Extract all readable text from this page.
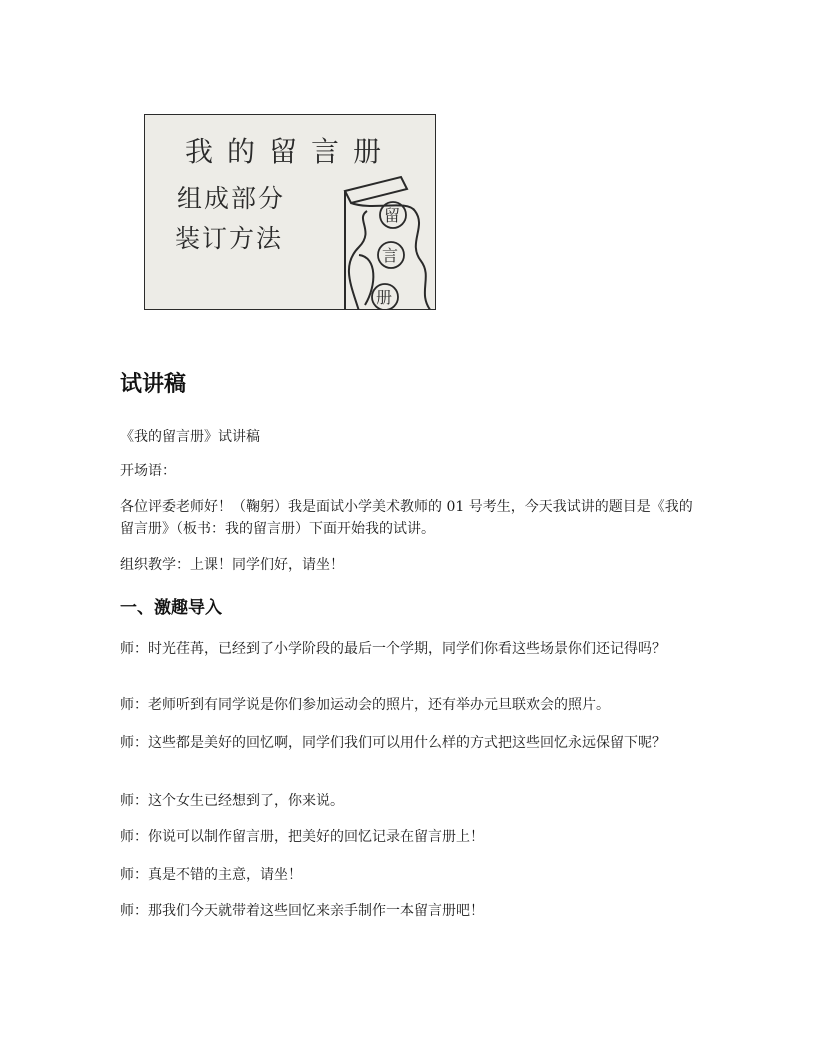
我的留言册
组成部分
装订方法
留
言
册
试讲稿

《我的留言册》试讲稿

开场语：

各位评委老师好！（鞠躬）我是面试小学美术教师的 01 号考生，今天我试讲的题目是《我的留言册》（板书：我的留言册）下面开始我的试讲。

组织教学：上课！同学们好，请坐！

一、激趣导入

师：时光荏苒，已经到了小学阶段的最后一个学期，同学们你看这些场景你们还记得吗？

师：老师听到有同学说是你们参加运动会的照片，还有举办元旦联欢会的照片。

师：这些都是美好的回忆啊，同学们我们可以用什么样的方式把这些回忆永远保留下呢？

师：这个女生已经想到了，你来说。

师：你说可以制作留言册，把美好的回忆记录在留言册上！

师：真是不错的主意，请坐！

师：那我们今天就带着这些回忆来亲手制作一本留言册吧！
